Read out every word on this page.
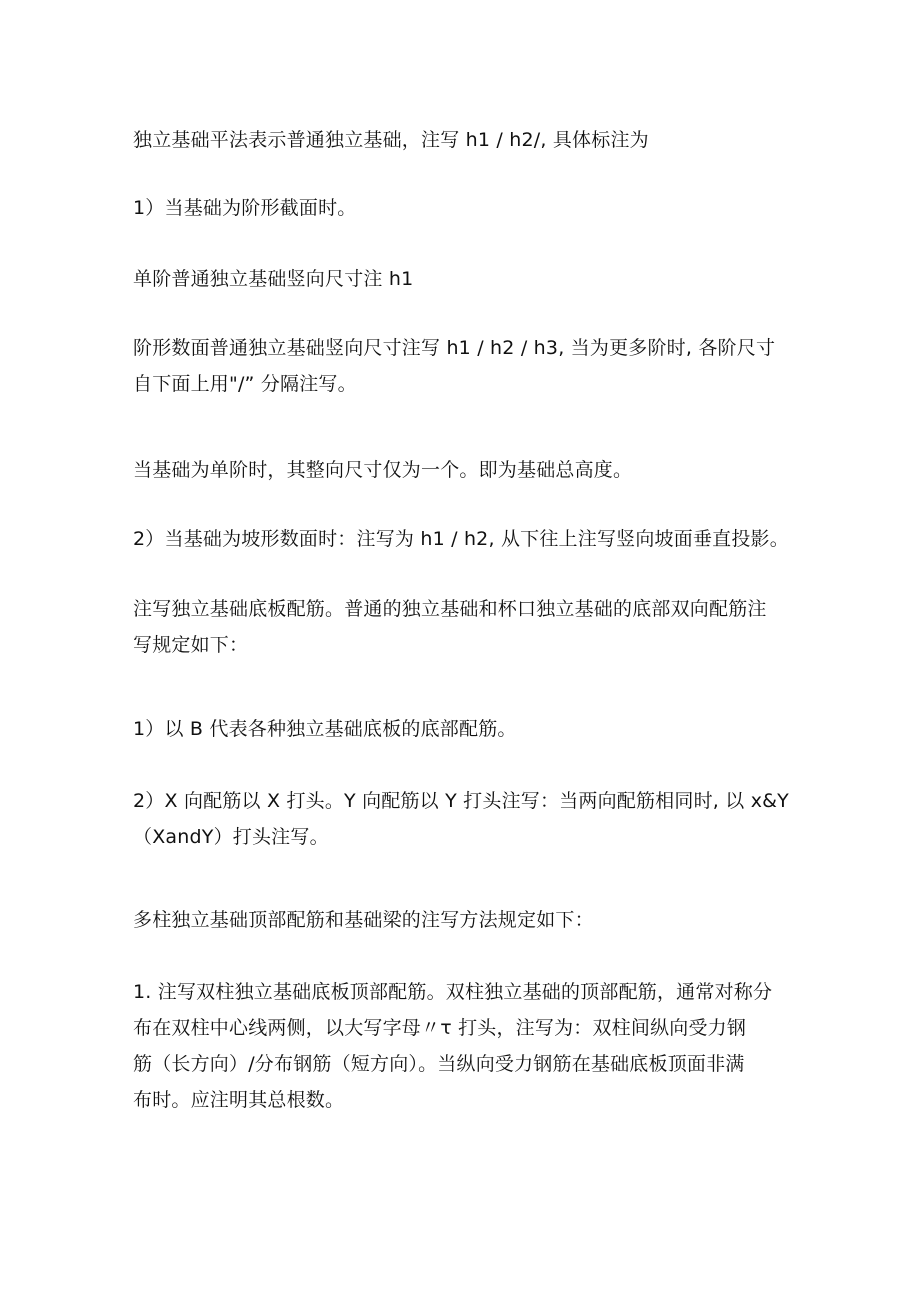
独立基础平法表示普通独立基础，注写 h1 / h2/, 具体标注为

1）当基础为阶形截面时。

单阶普通独立基础竖向尺寸注 h1

阶形数面普通独立基础竖向尺寸注写 h1 / h2 / h3, 当为更多阶时, 各阶尺寸
自下面上用"/” 分隔注写。

当基础为单阶时，其整向尺寸仅为一个。即为基础总高度。

2）当基础为坡形数面时：注写为 h1 / h2, 从下往上注写竖向坡面垂直投影。

注写独立基础底板配筋。普通的独立基础和杯口独立基础的底部双向配筋注
写规定如下：

1）以 B 代表各种独立基础底板的底部配筋。

2）X 向配筋以 X 打头。Y 向配筋以 Y 打头注写：当两向配筋相同时, 以 x&Y
（XandY）打头注写。

多柱独立基础顶部配筋和基础梁的注写方法规定如下：

1. 注写双柱独立基础底板顶部配筋。双柱独立基础的顶部配筋，通常对称分
布在双柱中心线两侧，以大写字母〃τ 打头，注写为：双柱间纵向受力钢
筋（长方向）/分布钢筋（短方向）。当纵向受力钢筋在基础底板顶面非满
布时。应注明其总根数。
